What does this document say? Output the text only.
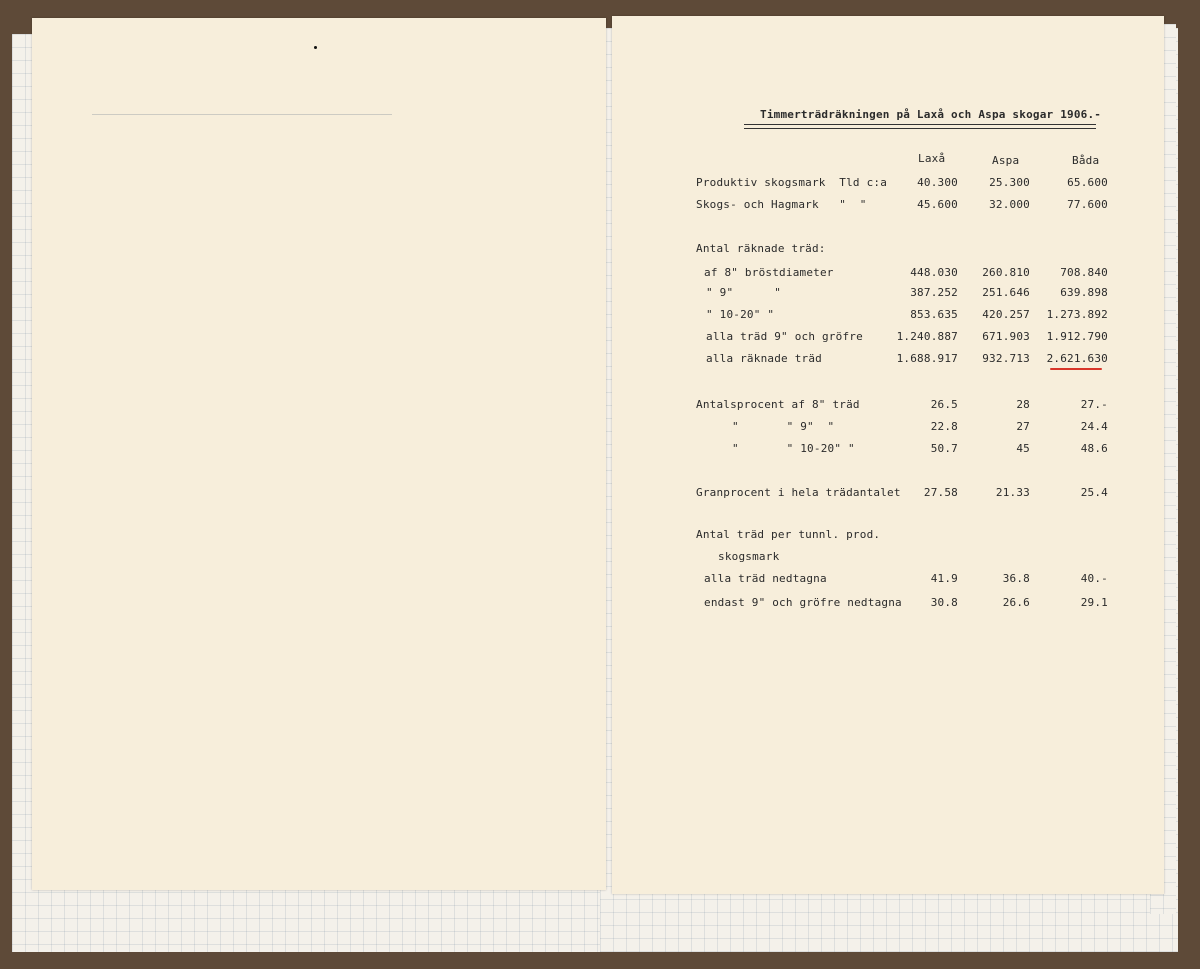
Timmerträdräkningen på Laxå och Aspa skogar 1906.-
Laxå	Aspa	Båda
Produktiv skogsmark  Tld c:a	40.300	25.300	65.600
Skogs- och Hagmark   "  "	45.600	32.000	77.600
Antal räknade träd:
af 8" bröstdiameter	448.030	260.810	708.840
" 9"      "	387.252	251.646	639.898
" 10-20" "	853.635	420.257	1.273.892
alla träd 9" och gröfre	1.240.887	671.903	1.912.790
alla räknade träd	1.688.917	932.713	2.621.630
Antalsprocent af 8" träd	26.5	28	27.-
"       " 9"  "	22.8	27	24.4
"       " 10-20" "	50.7	45	48.6
Granprocent i hela trädantalet	27.58	21.33	25.4
Antal träd per tunnl. prod.
skogsmark
alla träd nedtagna	41.9	36.8	40.-
endast 9" och gröfre nedtagna	30.8	26.6	29.1
